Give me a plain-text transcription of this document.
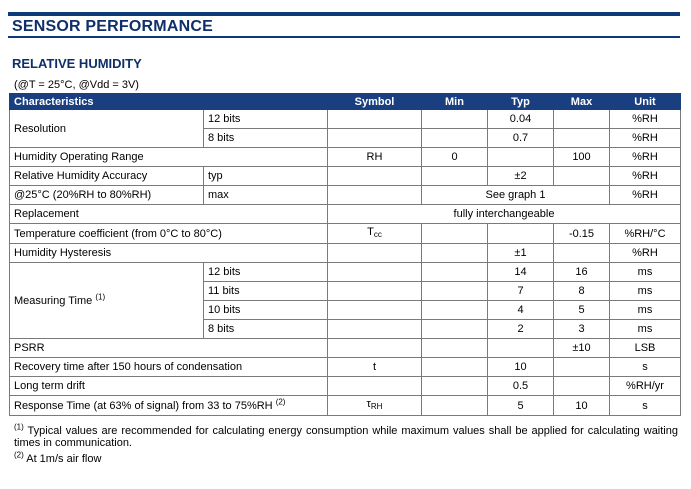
SENSOR PERFORMANCE
RELATIVE HUMIDITY
(@T = 25°C, @Vdd = 3V)
Characteristics		Symbol	Min	Typ	Max	Unit
Resolution	12 bits			0.04		%RH
	8 bits			0.7		%RH
Humidity Operating Range		RH	0		100	%RH
Relative Humidity Accuracy	typ			±2		%RH
@25°C (20%RH to 80%RH)	max		See graph 1			%RH
Replacement		fully interchangeable				
Temperature coefficient (from 0°C to 80°C)		$T_{cc}$			-0.15	%RH/°C
Humidity Hysteresis				±1		%RH
Measuring Time $^{(1)}$	12 bits			14	16	ms
	11 bits			7	8	ms
	10 bits			4	5	ms
	8 bits			2	3	ms
PSRR					±10	LSB
Recovery time after 150 hours of condensation		t		10		s
Long term drift				0.5		%RH/yr
Response Time (at 63% of signal) from 33 to 75%RH $^{(2)}$		$\tau_{RH}$		5	10	s
$^{(1)}$ Typical values are recommended for calculating energy consumption while maximum values shall be applied for calculating waiting times in communication.
$^{(2)}$ At 1m/s air flow
